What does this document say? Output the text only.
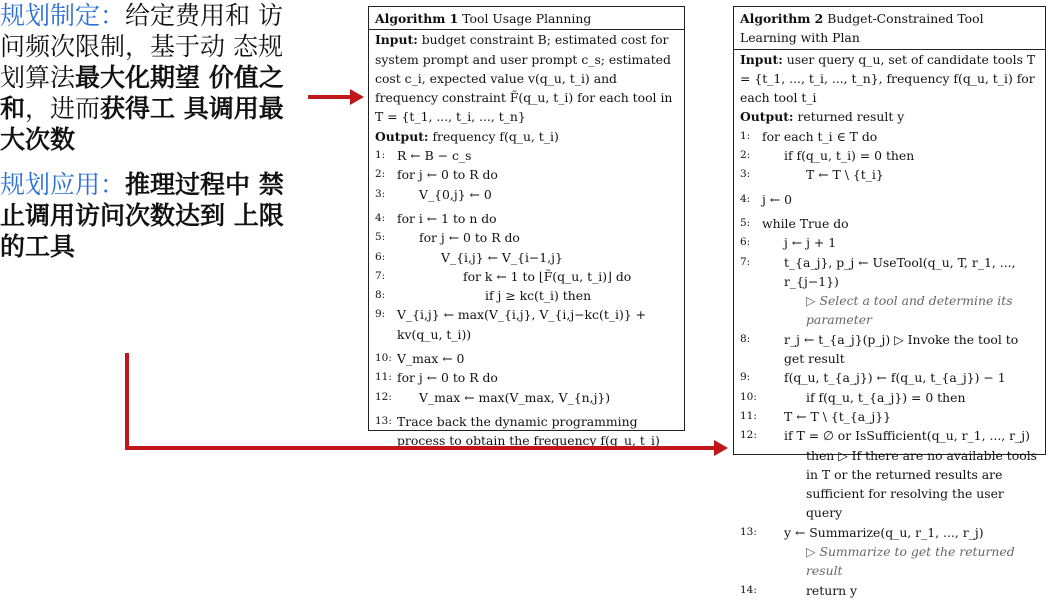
规划制定：给定费用和 访问频次限制，基于动 态规划算法最大化期望 价值之和，进而获得工 具调用最大次数

规划应用：推理过程中 禁止调用访问次数达到 上限的工具

Algorithm 1 Tool Usage Planning

Input: budget constraint B; estimated cost for system prompt and user prompt c_s; estimated cost c_i, expected value v(q_u, t_i) and frequency constraint F̃(q_u, t_i) for each tool in T = {t_1, ..., t_i, ..., t_n}

Output: frequency f(q_u, t_i)

1: R ← B − c_s
2: for j ← 0 to R do
3:	V_{0,j} ← 0
4: for i ← 1 to n do
5:	for j ← 0 to R do
6:	V_{i,j} ← V_{i−1,j}
7:	for k ← 1 to ⌊F̃(q_u, t_i)⌋ do
8:	if j ≥ kc(t_i) then
9: V_{i,j} ← max(V_{i,j}, V_{i,j−kc(t_i)} + kv(q_u, t_i))
10: V_max ← 0
11: for j ← 0 to R do
12:	V_max ← max(V_max, V_{n,j})
13: Trace back the dynamic programming process to obtain the frequency f(q_u, t_i)
Algorithm 2 Budget-Constrained Tool Learning with Plan

Input: user query q_u, set of candidate tools T = {t_1, ..., t_i, ..., t_n}, frequency f(q_u, t_i) for each tool t_i

Output: returned result y

1: for each t_i ∈ T do
2:	if f(q_u, t_i) = 0 then
3:	T ← T \ {t_i}
4: j ← 0
5: while True do
6:	j ← j + 1
7:	t_{a_j}, p_j ← UseTool(q_u, T, r_1, ..., r_{j−1})
▷ Select a tool and determine its parameter
8:	r_j ← t_{a_j}(p_j) ▷ Invoke the tool to get result
9:	f(q_u, t_{a_j}) ← f(q_u, t_{a_j}) − 1
10:	if f(q_u, t_{a_j}) = 0 then
11:	T ← T \ {t_{a_j}}
12:	if T = ∅ or IsSufficient(q_u, r_1, ..., r_j)
then ▷ If there are no available tools in T or the returned results are sufficient for resolving the user query
13:	y ← Summarize(q_u, r_1, ..., r_j)
▷ Summarize to get the returned result
14:	return y
